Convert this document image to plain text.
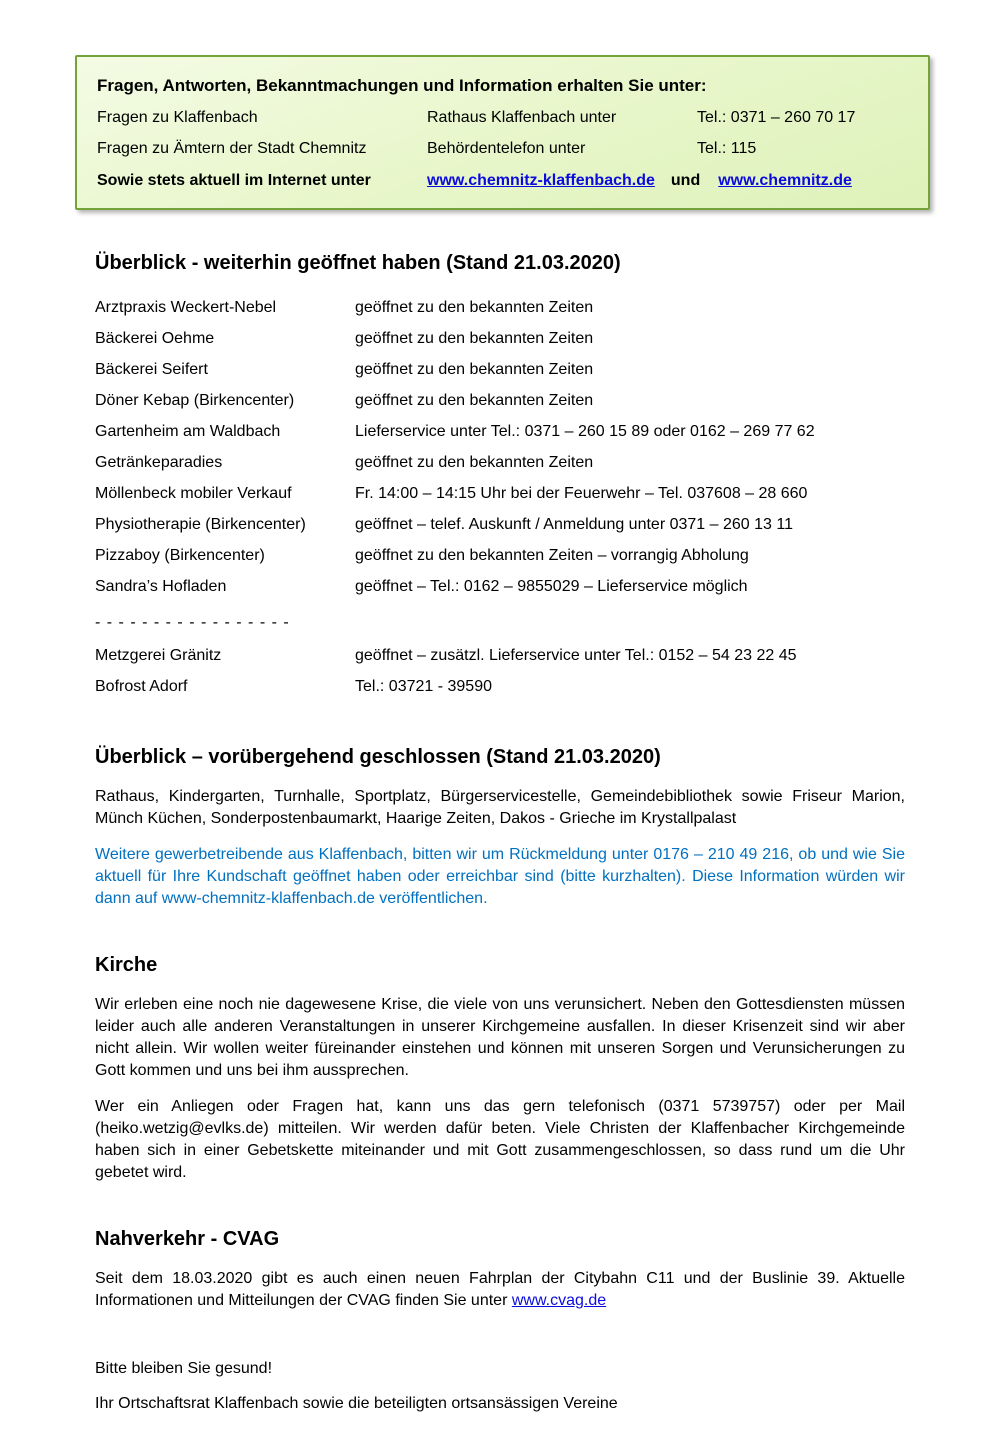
Fragen, Antworten, Bekanntmachungen und Information erhalten Sie unter:

Fragen zu Klaffenbach	Rathaus Klaffenbach unter	Tel.: 0371 – 260 70 17
Fragen zu Ämtern der Stadt Chemnitz	Behördentelefon unter	Tel.: 115
Sowie stets aktuell im Internet unter	www.chemnitz-klaffenbach.de und www.chemnitz.de
Überblick - weiterhin geöffnet haben (Stand 21.03.2020)
Arztpraxis Weckert-Nebel	geöffnet zu den bekannten Zeiten
Bäckerei Oehme	geöffnet zu den bekannten Zeiten
Bäckerei Seifert	geöffnet zu den bekannten Zeiten
Döner Kebap (Birkencenter)	geöffnet zu den bekannten Zeiten
Gartenheim am Waldbach	Lieferservice unter Tel.: 0371 – 260 15 89 oder 0162 – 269 77 62
Getränkeparadies	geöffnet zu den bekannten Zeiten
Möllenbeck mobiler Verkauf	Fr. 14:00 – 14:15 Uhr bei der Feuerwehr – Tel. 037608 – 28 660
Physiotherapie (Birkencenter)	geöffnet – telef. Auskunft / Anmeldung unter 0371 – 260 13 11
Pizzaboy (Birkencenter)	geöffnet zu den bekannten Zeiten – vorrangig Abholung
Sandra’s Hofladen	geöffnet – Tel.: 0162 – 9855029 – Lieferservice möglich

- - - - - - - - - - - - - - - - -

Metzgerei Gränitz	geöffnet – zusätzl. Lieferservice unter Tel.: 0152 – 54 23 22 45
Bofrost Adorf	Tel.: 03721 - 39590
Überblick – vorübergehend geschlossen (Stand 21.03.2020)

Rathaus, Kindergarten, Turnhalle, Sportplatz, Bürgerservicestelle, Gemeindebibliothek sowie Friseur Marion, Münch Küchen, Sonderpostenbaumarkt, Haarige Zeiten, Dakos - Grieche im Krystallpalast

Weitere gewerbetreibende aus Klaffenbach, bitten wir um Rückmeldung unter 0176 – 210 49 216, ob und wie Sie aktuell für Ihre Kundschaft geöffnet haben oder erreichbar sind (bitte kurzhalten). Diese Information würden wir dann auf www-chemnitz-klaffenbach.de veröffentlichen.

Kirche

Wir erleben eine noch nie dagewesene Krise, die viele von uns verunsichert. Neben den Gottesdiensten müssen leider auch alle anderen Veranstaltungen in unserer Kirchgemeine ausfallen. In dieser Krisenzeit sind wir aber nicht allein. Wir wollen weiter füreinander einstehen und können mit unseren Sorgen und Verunsicherungen zu Gott kommen und uns bei ihm aussprechen.

Wer ein Anliegen oder Fragen hat, kann uns das gern telefonisch (0371 5739757) oder per Mail (heiko.wetzig@evlks.de) mitteilen. Wir werden dafür beten. Viele Christen der Klaffenbacher Kirchgemeinde haben sich in einer Gebetskette miteinander und mit Gott zusammengeschlossen, so dass rund um die Uhr gebetet wird.

Nahverkehr - CVAG

Seit dem 18.03.2020 gibt es auch einen neuen Fahrplan der Citybahn C11 und der Buslinie 39. Aktuelle Informationen und Mitteilungen der CVAG finden Sie unter www.cvag.de

Bitte bleiben Sie gesund!

Ihr Ortschaftsrat Klaffenbach sowie die beteiligten ortsansässigen Vereine
